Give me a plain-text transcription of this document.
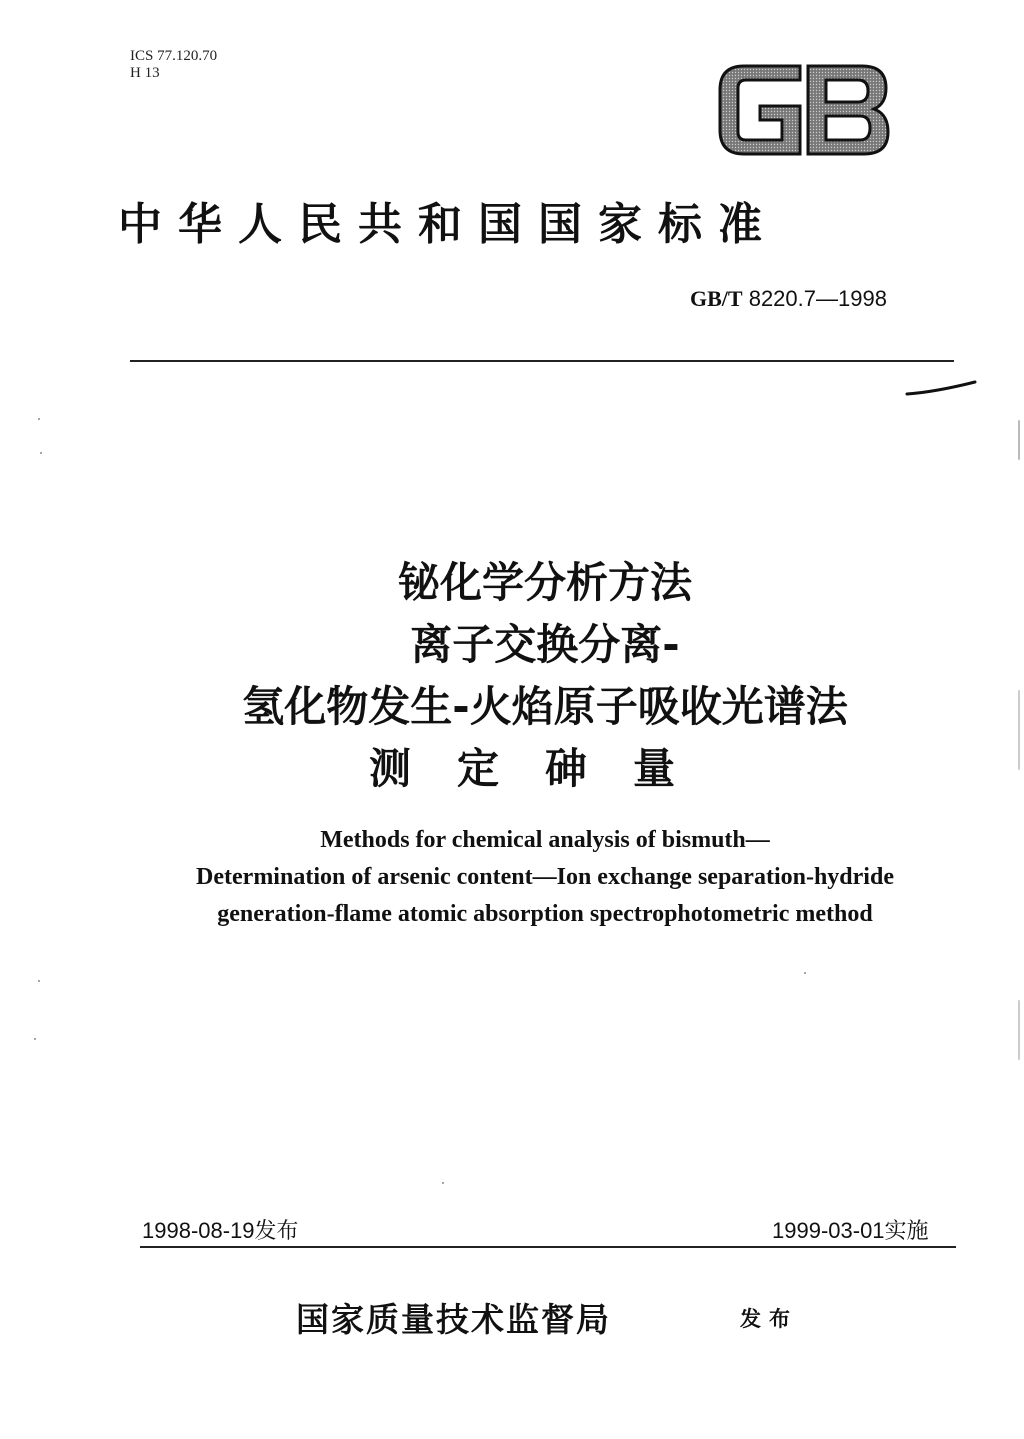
ICS 77.120.70
H 13
中华人民共和国国家标准
GB/T 8220.7—1998
铋化学分析方法
离子交换分离-
氢化物发生-火焰原子吸收光谱法
测定砷量
Methods for chemical analysis of bismuth—
Determination of arsenic content—Ion exchange separation-hydride
generation-flame atomic absorption spectrophotometric method
1998-08-19发布	1999-03-01实施
国家质量技术监督局	发布
